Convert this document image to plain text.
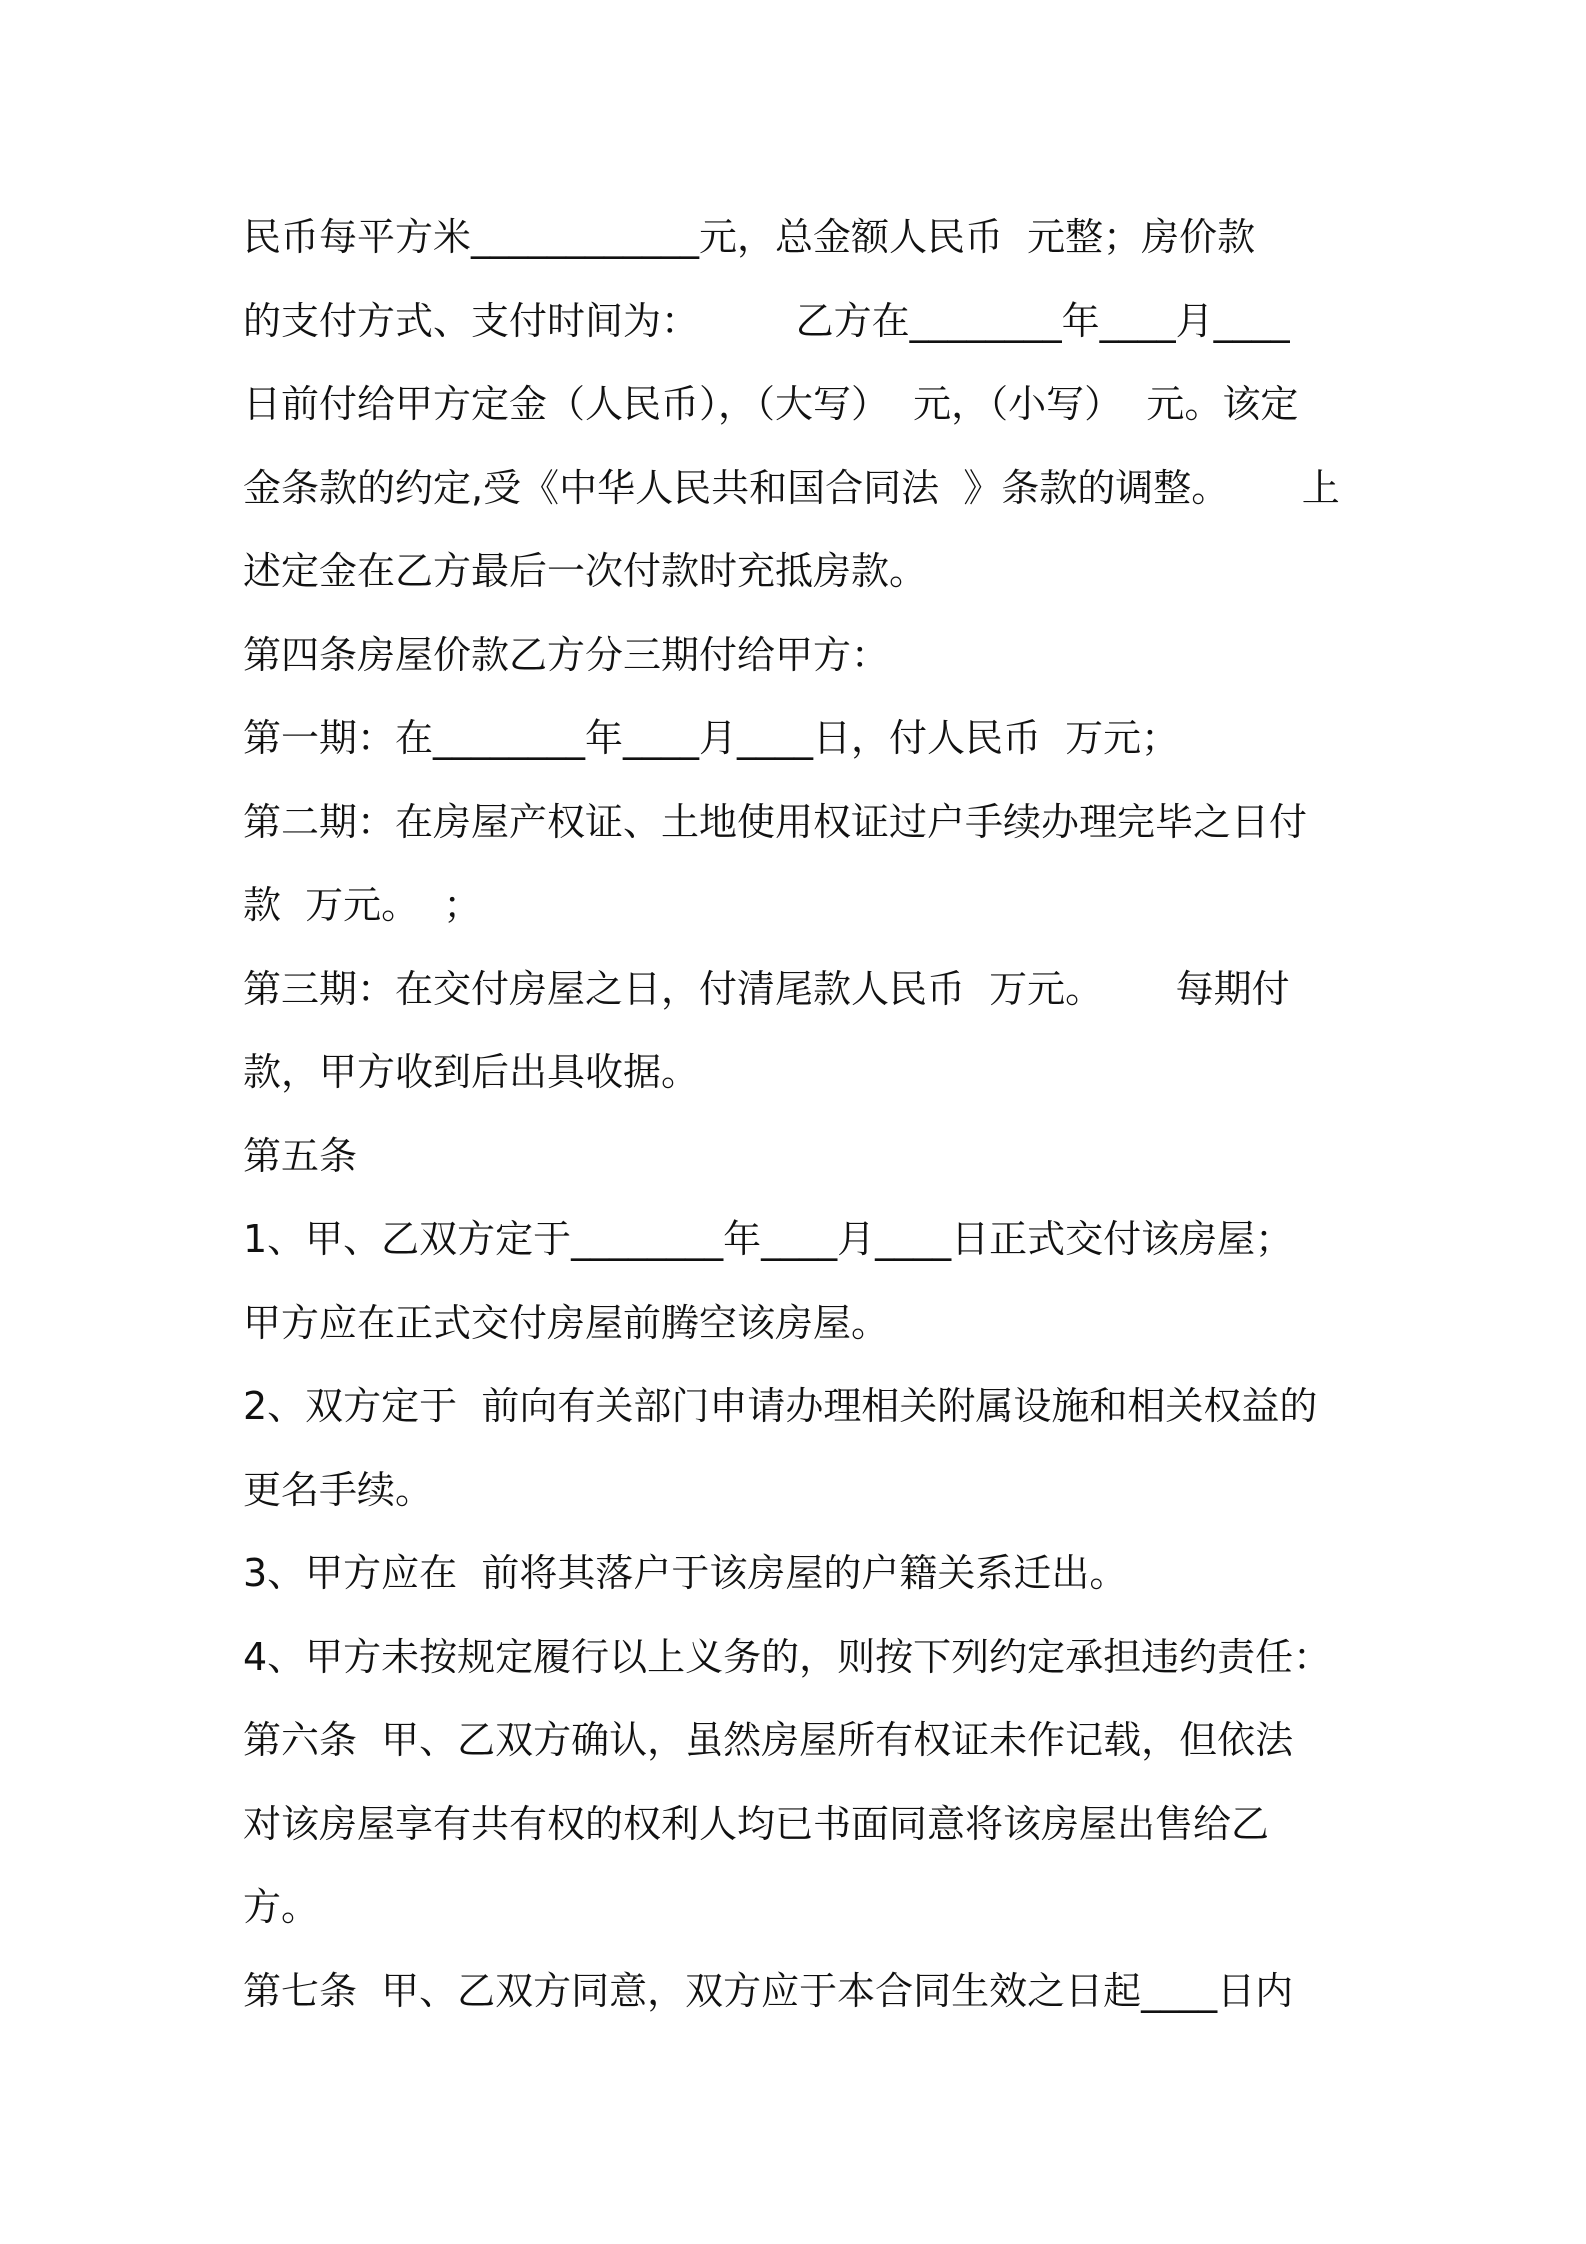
民币每平方米____________元，总金额人民币  元整；房价款
的支付方式、支付时间为：        乙方在________年____月____
日前付给甲方定金（人民币），（大写）  元，（小写）  元。该定
金条款的约定,受《中华人民共和国合同法  》条款的调整。      上
述定金在乙方最后一次付款时充抵房款。
第四条房屋价款乙方分三期付给甲方：
第一期：在________年____月____日，付人民币  万元；
第二期：在房屋产权证、土地使用权证过户手续办理完毕之日付
款  万元。  ；
第三期：在交付房屋之日，付清尾款人民币  万元。      每期付
款，甲方收到后出具收据。
第五条
1、甲、乙双方定于________年____月____日正式交付该房屋；
甲方应在正式交付房屋前腾空该房屋。
2、双方定于  前向有关部门申请办理相关附属设施和相关权益的
更名手续。
3、甲方应在  前将其落户于该房屋的户籍关系迁出。
4、甲方未按规定履行以上义务的，则按下列约定承担违约责任：
第六条  甲、乙双方确认，虽然房屋所有权证未作记载，但依法
对该房屋享有共有权的权利人均已书面同意将该房屋出售给乙
方。
第七条  甲、乙双方同意，双方应于本合同生效之日起____日内
